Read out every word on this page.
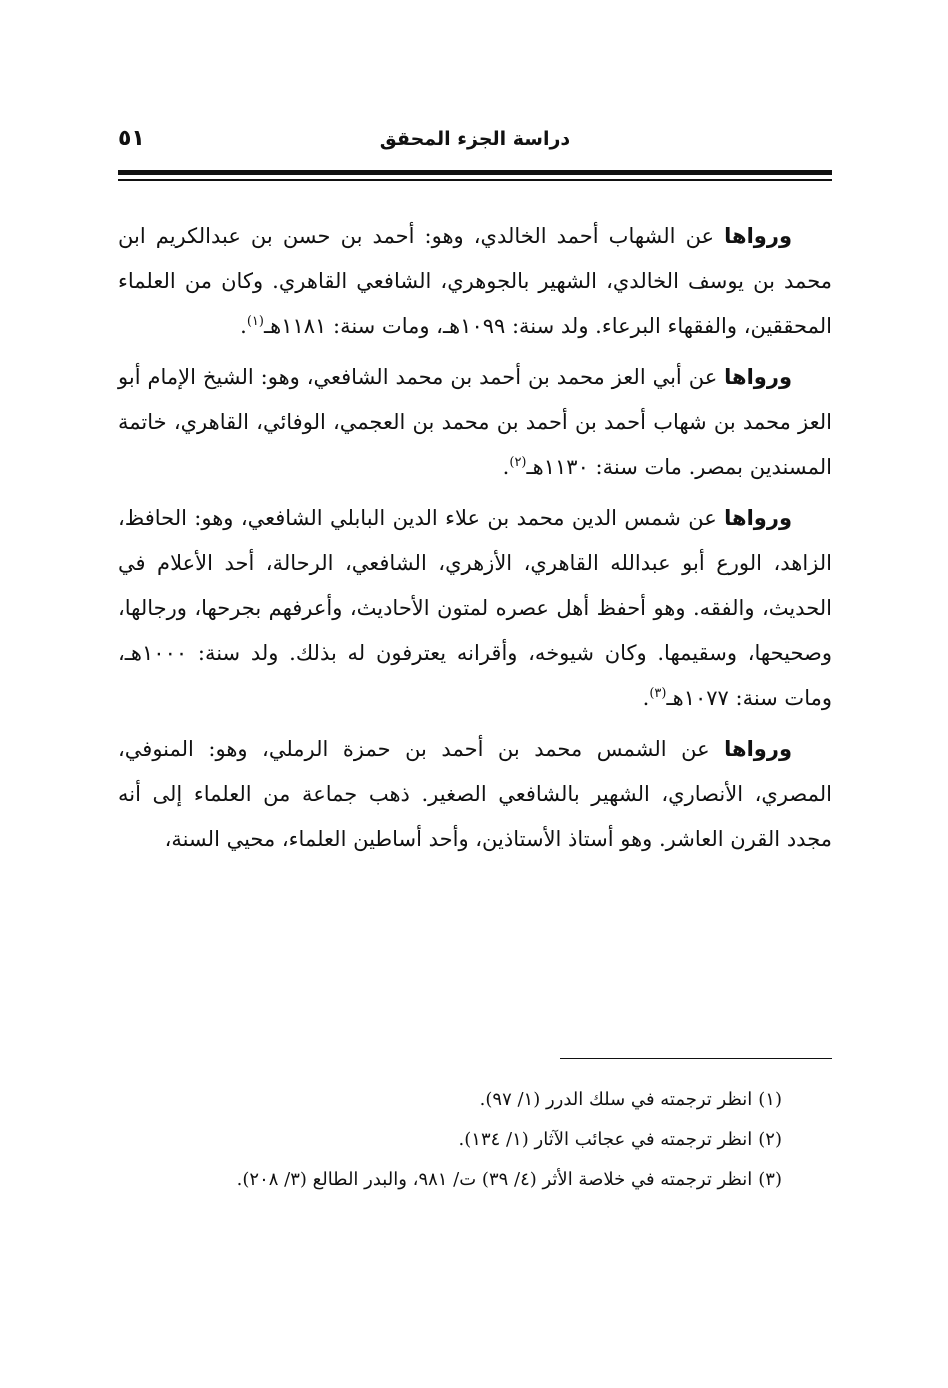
دراسة الجزء المحقق
٥١

ورواها عن الشهاب أحمد الخالدي، وهو: أحمد بن حسن بن عبدالكريم ابن محمد بن يوسف الخالدي، الشهير بالجوهري، الشافعي القاهري. وكان من العلماء المحققين، والفقهاء البرعاء. ولد سنة: ١٠٩٩هـ، ومات سنة: ١١٨١هـ$^{(١)}$.

ورواها عن أبي العز محمد بن أحمد بن محمد الشافعي، وهو: الشيخ الإمام أبو العز محمد بن شهاب أحمد بن أحمد بن محمد بن العجمي، الوفائي، القاهري، خاتمة المسندين بمصر. مات سنة: ١١٣٠هـ$^{(٢)}$.

ورواها عن شمس الدين محمد بن علاء الدين البابلي الشافعي، وهو: الحافظ، الزاهد، الورع أبو عبدالله القاهري، الأزهري، الشافعي، الرحالة، أحد الأعلام في الحديث، والفقه. وهو أحفظ أهل عصره لمتون الأحاديث، وأعرفهم بجرحها، ورجالها، وصحيحها، وسقيمها. وكان شيوخه، وأقرانه يعترفون له بذلك. ولد سنة: ١٠٠٠هـ، ومات سنة: ١٠٧٧هـ$^{(٣)}$.

ورواها عن الشمس محمد بن أحمد بن حمزة الرملي، وهو: المنوفي، المصري، الأنصاري، الشهير بالشافعي الصغير. ذهب جماعة من العلماء إلى أنه مجدد القرن العاشر. وهو أستاذ الأستاذين، وأحد أساطين العلماء، محيي السنة،

(١)انظر ترجمته في سلك الدرر (١/ ٩٧).

(٢)انظر ترجمته في عجائب الآثار (١/ ١٣٤).

(٣)انظر ترجمته في خلاصة الأثر (٤/ ٣٩) ت/ ٩٨١، والبدر الطالع (٣/ ٢٠٨).
